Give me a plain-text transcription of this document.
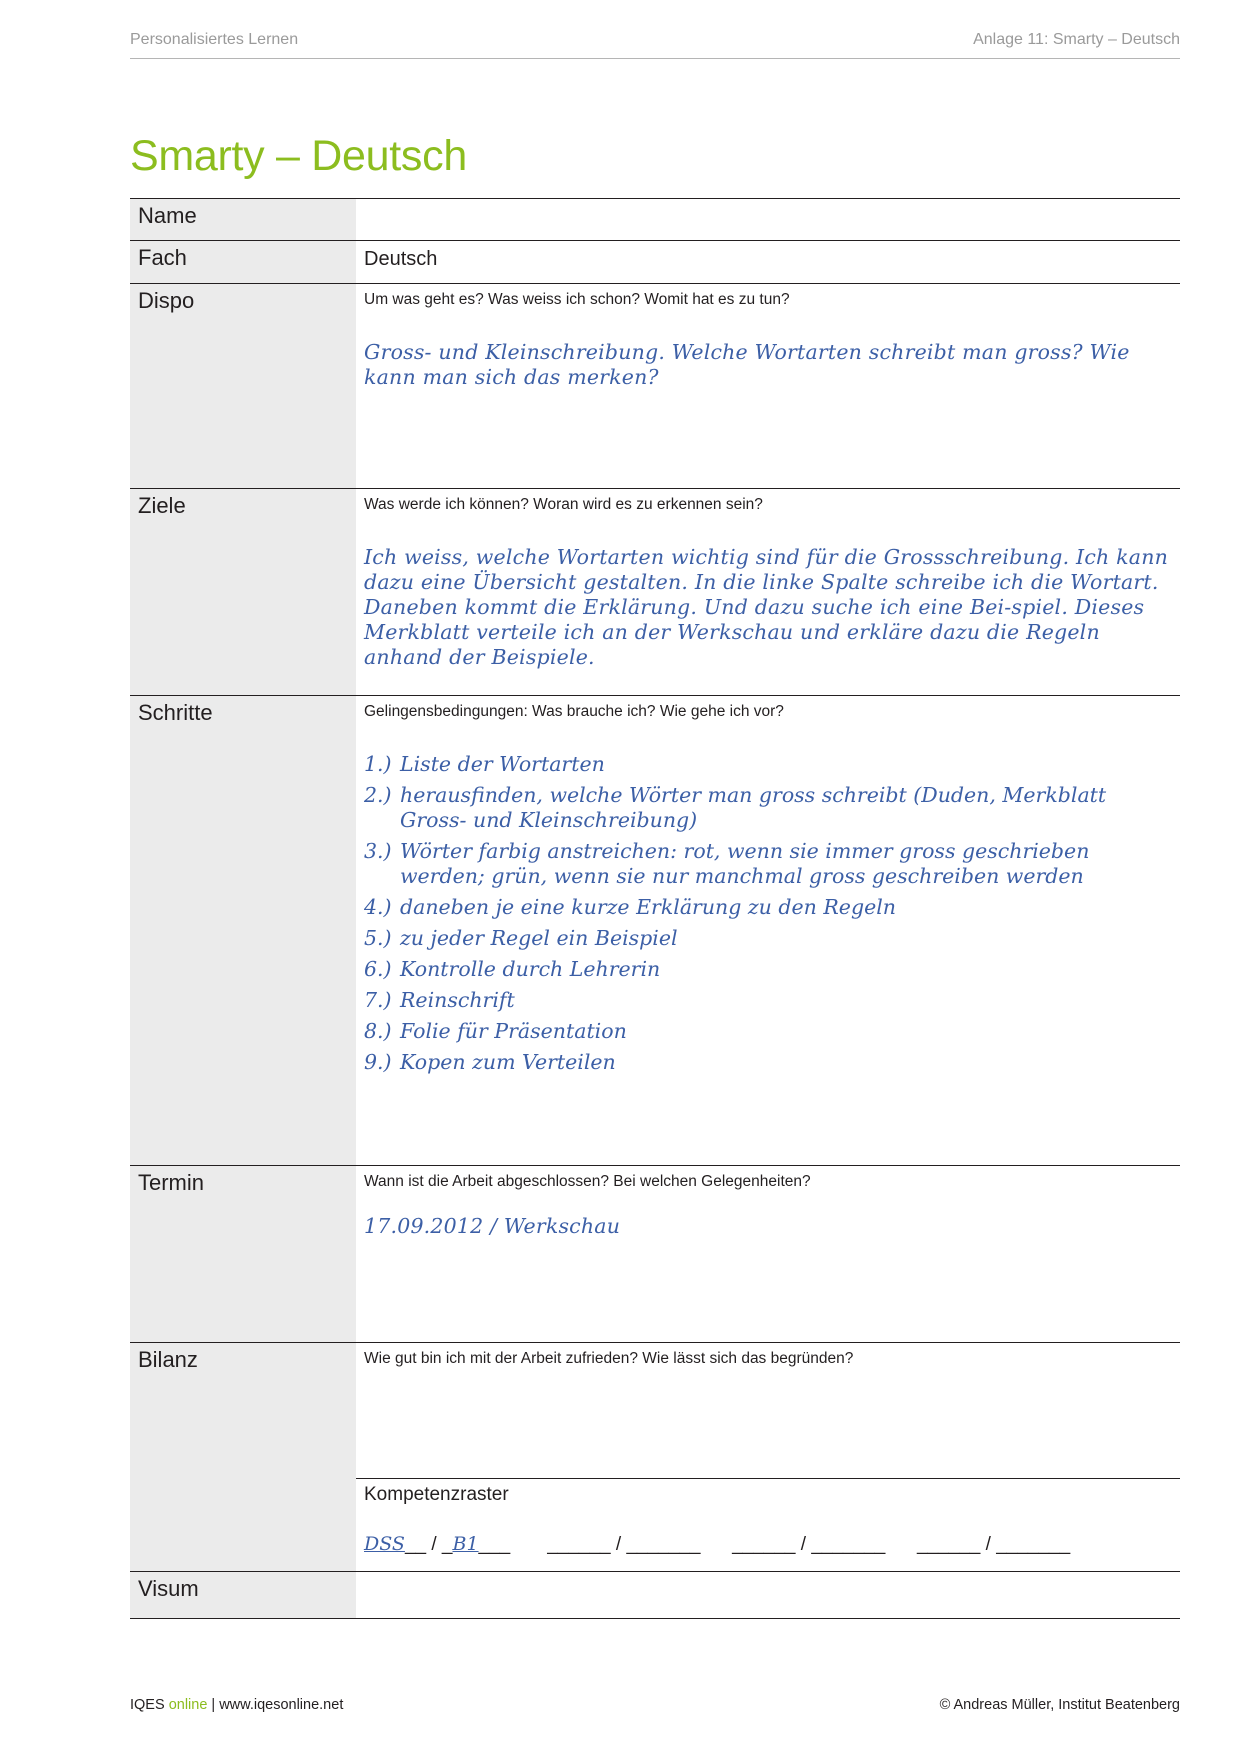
Personalisiertes Lernen	Anlage 11: Smarty – Deutsch
Smarty – Deutsch
Name
Fach	Deutsch
Dispo	Um was geht es? Was weiss ich schon? Womit hat es zu tun?
Gross- und Kleinschreibung. Welche Wortarten schreibt man gross? Wie kann man sich das merken?
Ziele	Was werde ich können? Woran wird es zu erkennen sein?
Ich weiss, welche Wortarten wichtig sind für die Grossschreibung. Ich kann dazu eine Übersicht gestalten. In die linke Spalte schreibe ich die Wortart. Daneben kommt die Erklärung. Und dazu suche ich eine Bei-spiel. Dieses Merkblatt verteile ich an der Werkschau und erkläre dazu die Regeln anhand der Beispiele.
Schritte	Gelingensbedingungen: Was brauche ich? Wie gehe ich vor?
1.) Liste der Wortarten
2.) herausfinden, welche Wörter man gross schreibt (Duden, Merkblatt Gross- und Kleinschreibung)
3.) Wörter farbig anstreichen: rot, wenn sie immer gross geschrieben werden; grün, wenn sie nur manchmal gross geschreiben werden
4.) daneben je eine kurze Erklärung zu den Regeln
5.) zu jeder Regel ein Beispiel
6.) Kontrolle durch Lehrerin
7.) Reinschrift
8.) Folie für Präsentation
9.) Kopen zum Verteilen
Termin	Wann ist die Arbeit abgeschlossen? Bei welchen Gelegenheiten?
17.09.2012 / Werkschau
Bilanz	Wie gut bin ich mit der Arbeit zufrieden? Wie lässt sich das begründen?
Kompetenzraster
DSS__ / _B1___       ______ / _______      ______ / _______      ______ / _______
Visum
IQES online | www.iqesonline.net	© Andreas Müller, Institut Beatenberg
